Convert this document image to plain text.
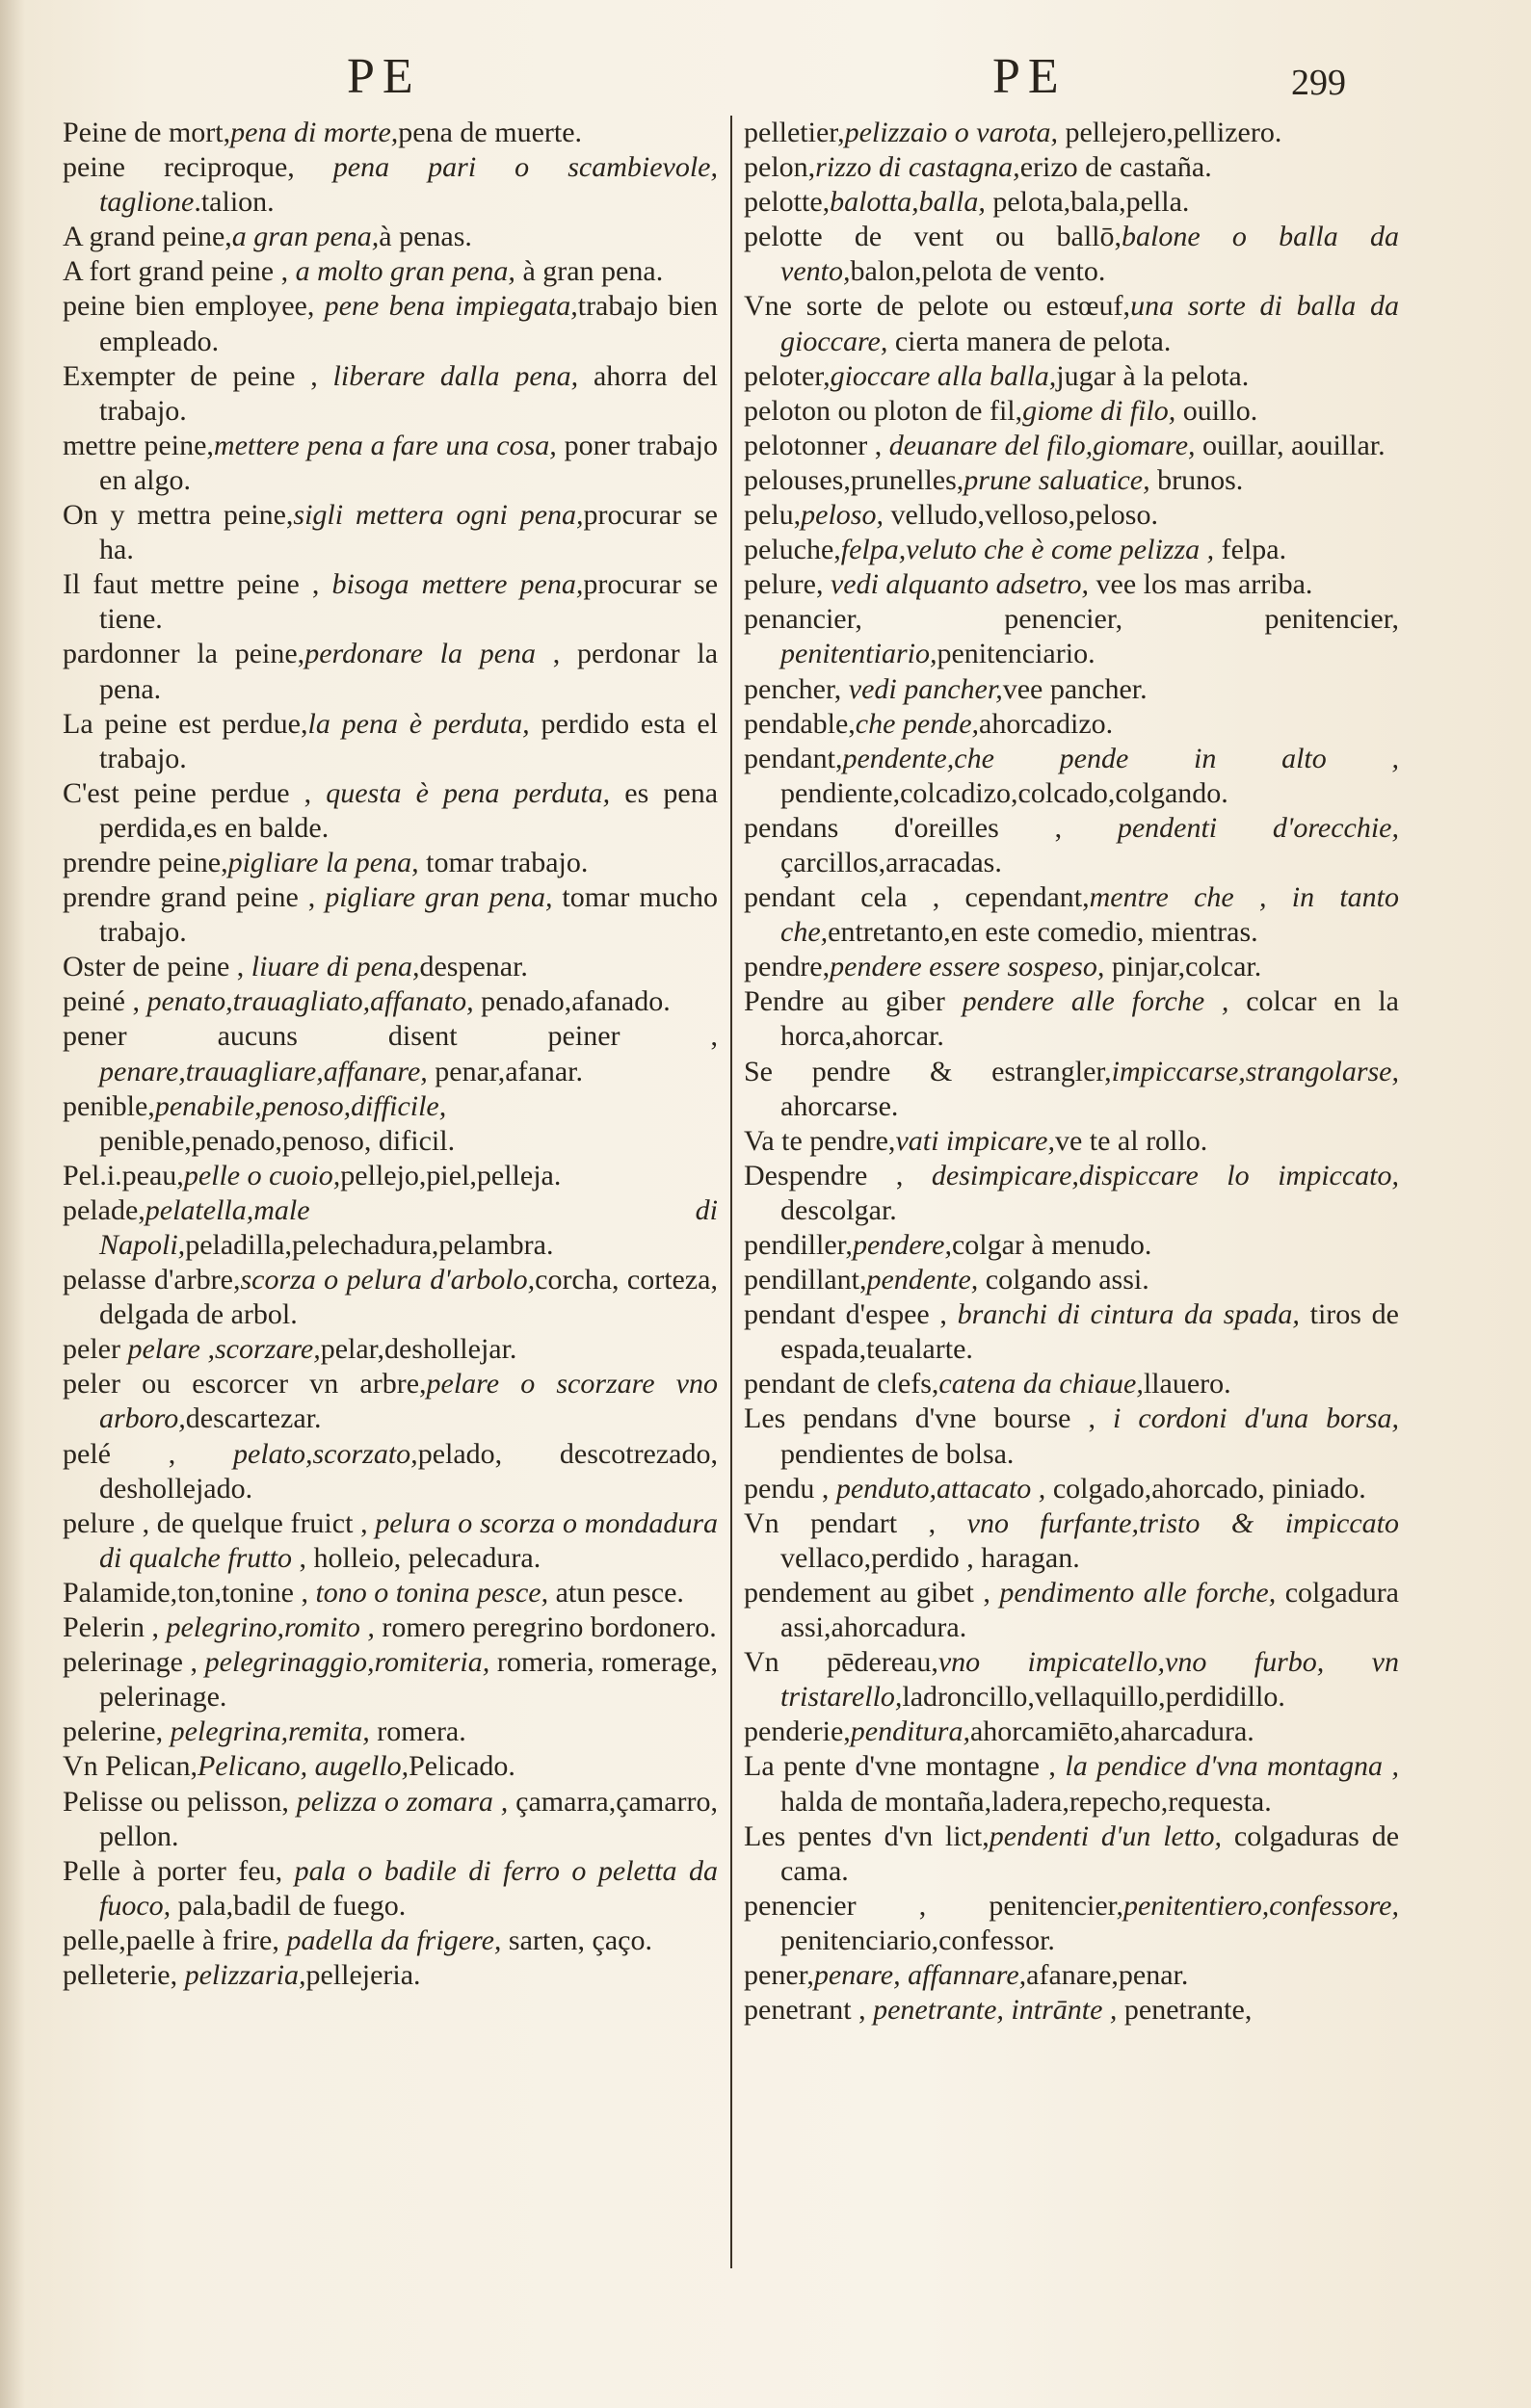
PE	PE	299
Peine de mort,pena di morte,pena de muerte.
peine reciproque, pena pari o scambievole, taglione.talion.
A grand peine,a gran pena,à penas.
A fort grand peine , a molto gran pena, à gran pena.
peine bien employee, pene bena impiegata,trabajo bien empleado.
Exempter de peine , liberare dalla pena, ahorra del trabajo.
mettre peine,mettere pena a fare una cosa, poner trabajo en algo.
On y mettra peine,sigli mettera ogni pena,procurar se ha.
Il faut mettre peine , bisoga mettere pena,procurar se tiene.
pardonner la peine,perdonare la pena , perdonar la pena.
La peine est perdue,la pena è perduta, perdido esta el trabajo.
C'est peine perdue , questa è pena perduta, es pena perdida,es en balde.
prendre peine,pigliare la pena, tomar trabajo.
prendre grand peine , pigliare gran pena, tomar mucho trabajo.
Oster de peine , liuare di pena,despenar.
peiné , penato,trauagliato,affanato, penado,afanado.
pener aucuns disent peiner , penare,trauagliare,affanare, penar,afanar.
penible,penabile,penoso,difficile, penible,penado,penoso, dificil.
Pel.i.peau,pelle o cuoio,pellejo,piel,pelleja.
pelade,pelatella,male di Napoli,peladilla,pelechadura,pelambra.
pelasse d'arbre,scorza o pelura d'arbolo,corcha, corteza, delgada de arbol.
peler pelare ,scorzare,pelar,deshollejar.
peler ou escorcer vn arbre,pelare o scorzare vno arboro,descartezar.
pelé , pelato,scorzato,pelado, descotrezado, deshollejado.
pelure , de quelque fruict , pelura o scorza o mondadura di qualche frutto , holleio, pelecadura.
Palamide,ton,tonine , tono o tonina pesce, atun pesce.
Pelerin , pelegrino,romito , romero peregrino bordonero.
pelerinage , pelegrinaggio,romiteria, romeria, romerage, pelerinage.
pelerine, pelegrina,remita, romera.
Vn Pelican,Pelicano, augello,Pelicado.
Pelisse ou pelisson, pelizza o zomara , çamarra,çamarro, pellon.
Pelle à porter feu, pala o badile di ferro o peletta da fuoco, pala,badil de fuego.
pelle,paelle à frire, padella da frigere, sarten, çaço.
pelleterie, pelizzaria,pellejeria.
pelletier,pelizzaio o varota, pellejero,pellizero.
pelon,rizzo di castagna,erizo de castaña.
pelotte,balotta,balla, pelota,bala,pella.
pelotte de vent ou ballō,balone o balla da vento,balon,pelota de vento.
Vne sorte de pelote ou estœuf,una sorte di balla da gioccare, cierta manera de pelota.
peloter,gioccare alla balla,jugar à la pelota.
peloton ou ploton de fil,giome di filo, ouillo.
pelotonner , deuanare del filo,giomare, ouillar, aouillar.
pelouses,prunelles,prune saluatice, brunos.
pelu,peloso, velludo,velloso,peloso.
peluche,felpa,veluto che è come pelizza , felpa.
pelure, vedi alquanto adsetro, vee los mas arriba.
penancier, penencier, penitencier, penitentiario,penitenciario.
pencher, vedi pancher,vee pancher.
pendable,che pende,ahorcadizo.
pendant,pendente,che pende in alto , pendiente,colcadizo,colcado,colgando.
pendans d'oreilles , pendenti d'orecchie, çarcillos,arracadas.
pendant cela , cependant,mentre che , in tanto che,entretanto,en este comedio, mientras.
pendre,pendere essere sospeso, pinjar,colcar.
Pendre au giber pendere alle forche , colcar en la horca,ahorcar.
Se pendre & estrangler,impiccarse,strangolarse, ahorcarse.
Va te pendre,vati impicare,ve te al rollo.
Despendre , desimpicare,dispiccare lo impiccato, descolgar.
pendiller,pendere,colgar à menudo.
pendillant,pendente, colgando assi.
pendant d'espee , branchi di cintura da spada, tiros de espada,teualarte.
pendant de clefs,catena da chiaue,llauero.
Les pendans d'vne bourse , i cordoni d'una borsa, pendientes de bolsa.
pendu , penduto,attacato , colgado,ahorcado, piniado.
Vn pendart , vno furfante,tristo & impiccato vellaco,perdido , haragan.
pendement au gibet , pendimento alle forche, colgadura assi,ahorcadura.
Vn pēdereau,vno impicatello,vno furbo, vn tristarello,ladroncillo,vellaquillo,perdidillo.
penderie,penditura,ahorcamiēto,aharcadura.
La pente d'vne montagne , la pendice d'vna montagna , halda de montaña,ladera,repecho,requesta.
Les pentes d'vn lict,pendenti d'un letto, colgaduras de cama.
penencier , penitencier,penitentiero,confessore, penitenciario,confessor.
pener,penare, affannare,afanare,penar.
penetrant , penetrante, intrānte , penetrante,
